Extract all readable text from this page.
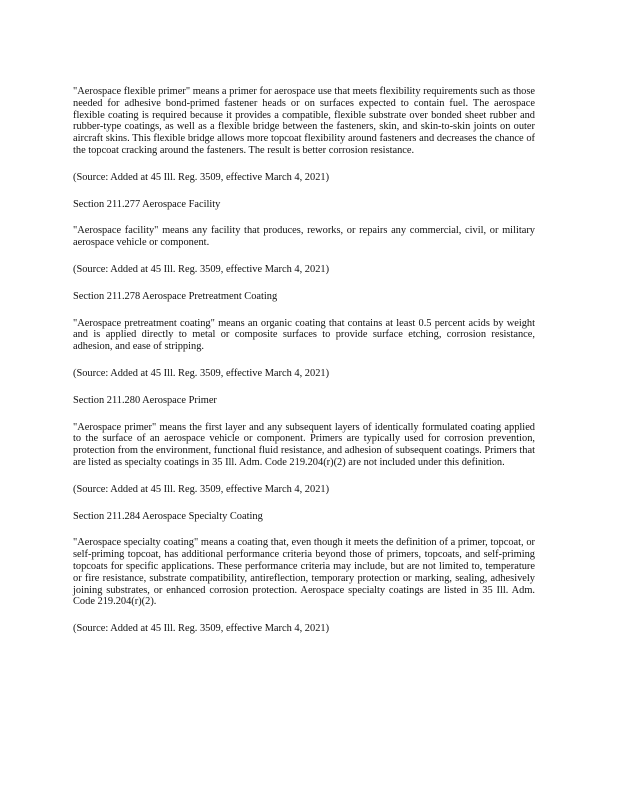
"Aerospace flexible primer" means a primer for aerospace use that meets flexibility requirements such as those needed for adhesive bond-primed fastener heads or on surfaces expected to contain fuel. The aerospace flexible coating is required because it provides a compatible, flexible substrate over bonded sheet rubber and rubber-type coatings, as well as a flexible bridge between the fasteners, skin, and skin-to-skin joints on outer aircraft skins. This flexible bridge allows more topcoat flexibility around fasteners and decreases the chance of the topcoat cracking around the fasteners. The result is better corrosion resistance.

(Source: Added at 45 Ill. Reg. 3509, effective March 4, 2021)

Section 211.277 Aerospace Facility

"Aerospace facility" means any facility that produces, reworks, or repairs any commercial, civil, or military aerospace vehicle or component.

(Source: Added at 45 Ill. Reg. 3509, effective March 4, 2021)

Section 211.278 Aerospace Pretreatment Coating

"Aerospace pretreatment coating" means an organic coating that contains at least 0.5 percent acids by weight and is applied directly to metal or composite surfaces to provide surface etching, corrosion resistance, adhesion, and ease of stripping.

(Source: Added at 45 Ill. Reg. 3509, effective March 4, 2021)

Section 211.280 Aerospace Primer

"Aerospace primer" means the first layer and any subsequent layers of identically formulated coating applied to the surface of an aerospace vehicle or component. Primers are typically used for corrosion prevention, protection from the environment, functional fluid resistance, and adhesion of subsequent coatings. Primers that are listed as specialty coatings in 35 Ill. Adm. Code 219.204(r)(2) are not included under this definition.

(Source: Added at 45 Ill. Reg. 3509, effective March 4, 2021)

Section 211.284 Aerospace Specialty Coating

"Aerospace specialty coating" means a coating that, even though it meets the definition of a primer, topcoat, or self-priming topcoat, has additional performance criteria beyond those of primers, topcoats, and self-priming topcoats for specific applications. These performance criteria may include, but are not limited to, temperature or fire resistance, substrate compatibility, antireflection, temporary protection or marking, sealing, adhesively joining substrates, or enhanced corrosion protection. Aerospace specialty coatings are listed in 35 Ill. Adm. Code 219.204(r)(2).

(Source: Added at 45 Ill. Reg. 3509, effective March 4, 2021)
